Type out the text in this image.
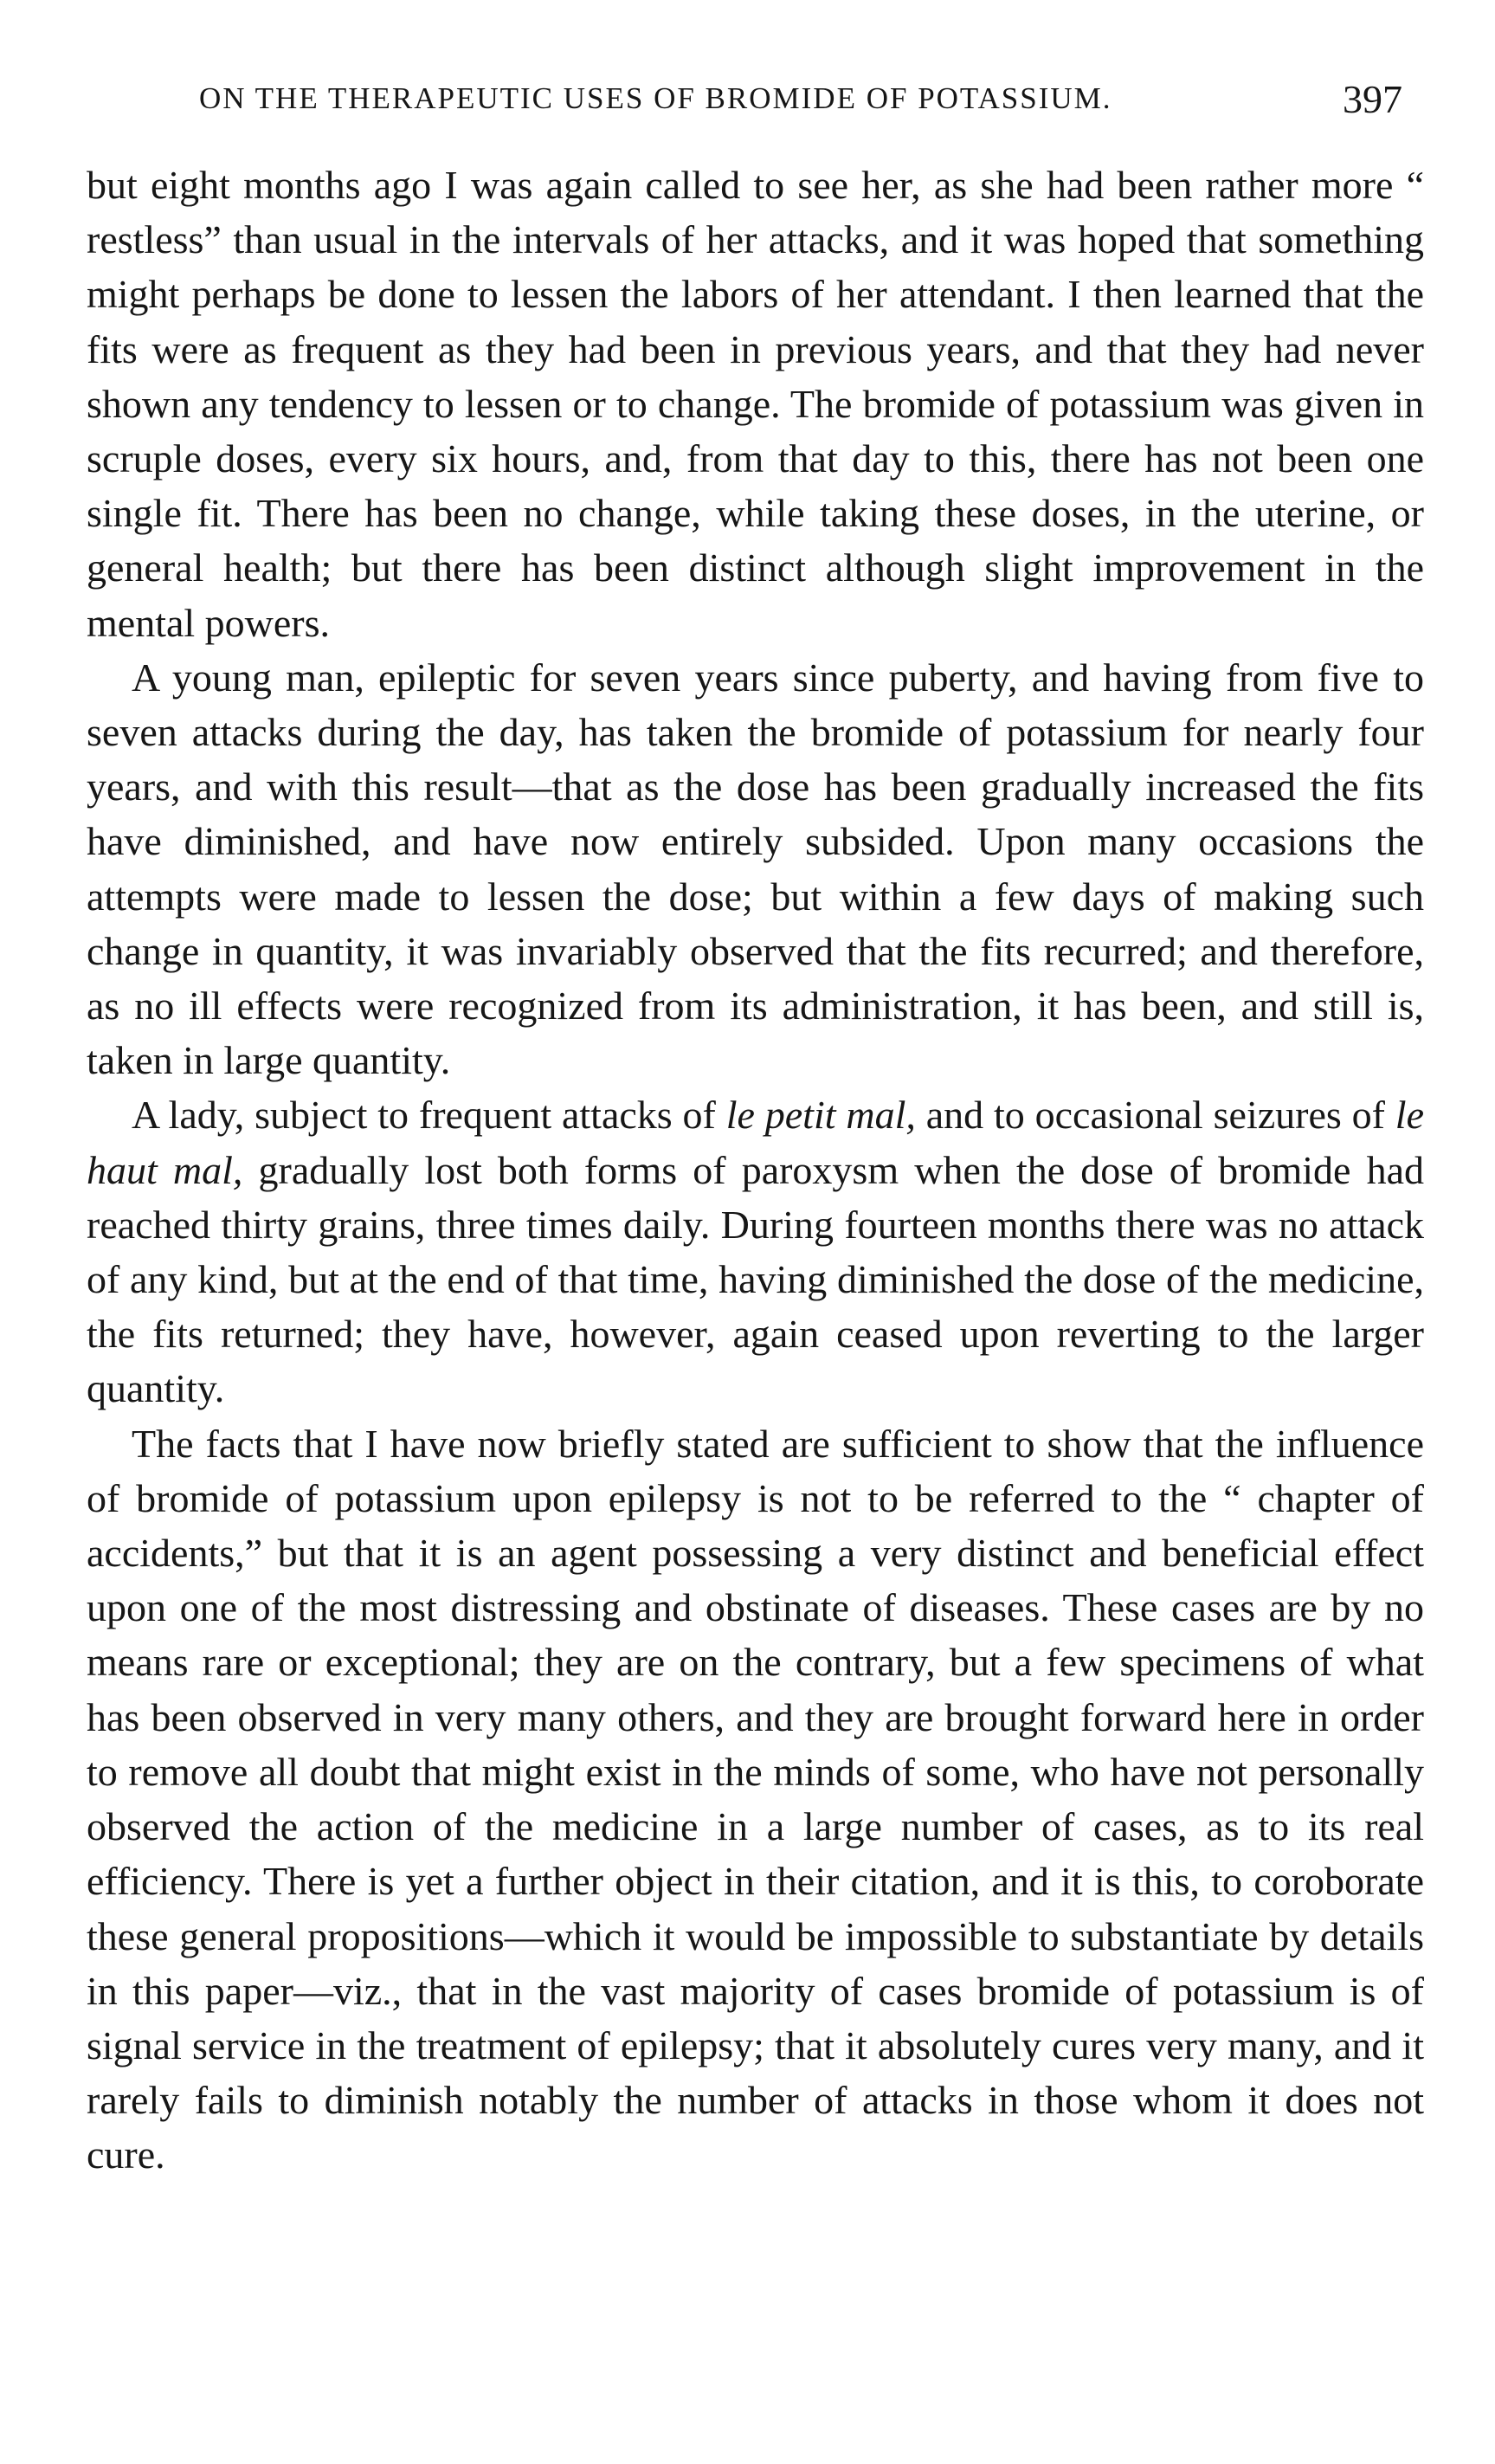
ON THE THERAPEUTIC USES OF BROMIDE OF POTASSIUM.	397

but eight months ago I was again called to see her, as she had been rather more “ restless” than usual in the intervals of her attacks, and it was hoped that something might perhaps be done to lessen the labors of her attendant. I then learned that the fits were as frequent as they had been in previous years, and that they had never shown any tendency to lessen or to change. The bromide of potassium was given in scruple doses, every six hours, and, from that day to this, there has not been one single fit. There has been no change, while taking these doses, in the uterine, or general health; but there has been distinct although slight improvement in the mental powers.

A young man, epileptic for seven years since puberty, and having from five to seven attacks during the day, has taken the bromide of potassium for nearly four years, and with this result—that as the dose has been gradually increased the fits have diminished, and have now entirely subsided. Upon many occasions the attempts were made to lessen the dose; but within a few days of making such change in quantity, it was invariably observed that the fits recurred; and therefore, as no ill effects were recognized from its administration, it has been, and still is, taken in large quantity.

A lady, subject to frequent attacks of le petit mal, and to occasional seizures of le haut mal, gradually lost both forms of paroxysm when the dose of bromide had reached thirty grains, three times daily. During fourteen months there was no attack of any kind, but at the end of that time, having diminished the dose of the medicine, the fits returned; they have, however, again ceased upon reverting to the larger quantity.

The facts that I have now briefly stated are sufficient to show that the influence of bromide of potassium upon epilepsy is not to be referred to the “ chapter of accidents,” but that it is an agent possessing a very distinct and beneficial effect upon one of the most distressing and obstinate of diseases. These cases are by no means rare or exceptional; they are on the contrary, but a few specimens of what has been observed in very many others, and they are brought forward here in order to remove all doubt that might exist in the minds of some, who have not personally observed the action of the medicine in a large number of cases, as to its real efficiency. There is yet a further object in their citation, and it is this, to coroborate these general propositions—which it would be impossible to substantiate by details in this paper—viz., that in the vast majority of cases bromide of potassium is of signal service in the treatment of epilepsy; that it absolutely cures very many, and it rarely fails to diminish notably the number of attacks in those whom it does not cure.
